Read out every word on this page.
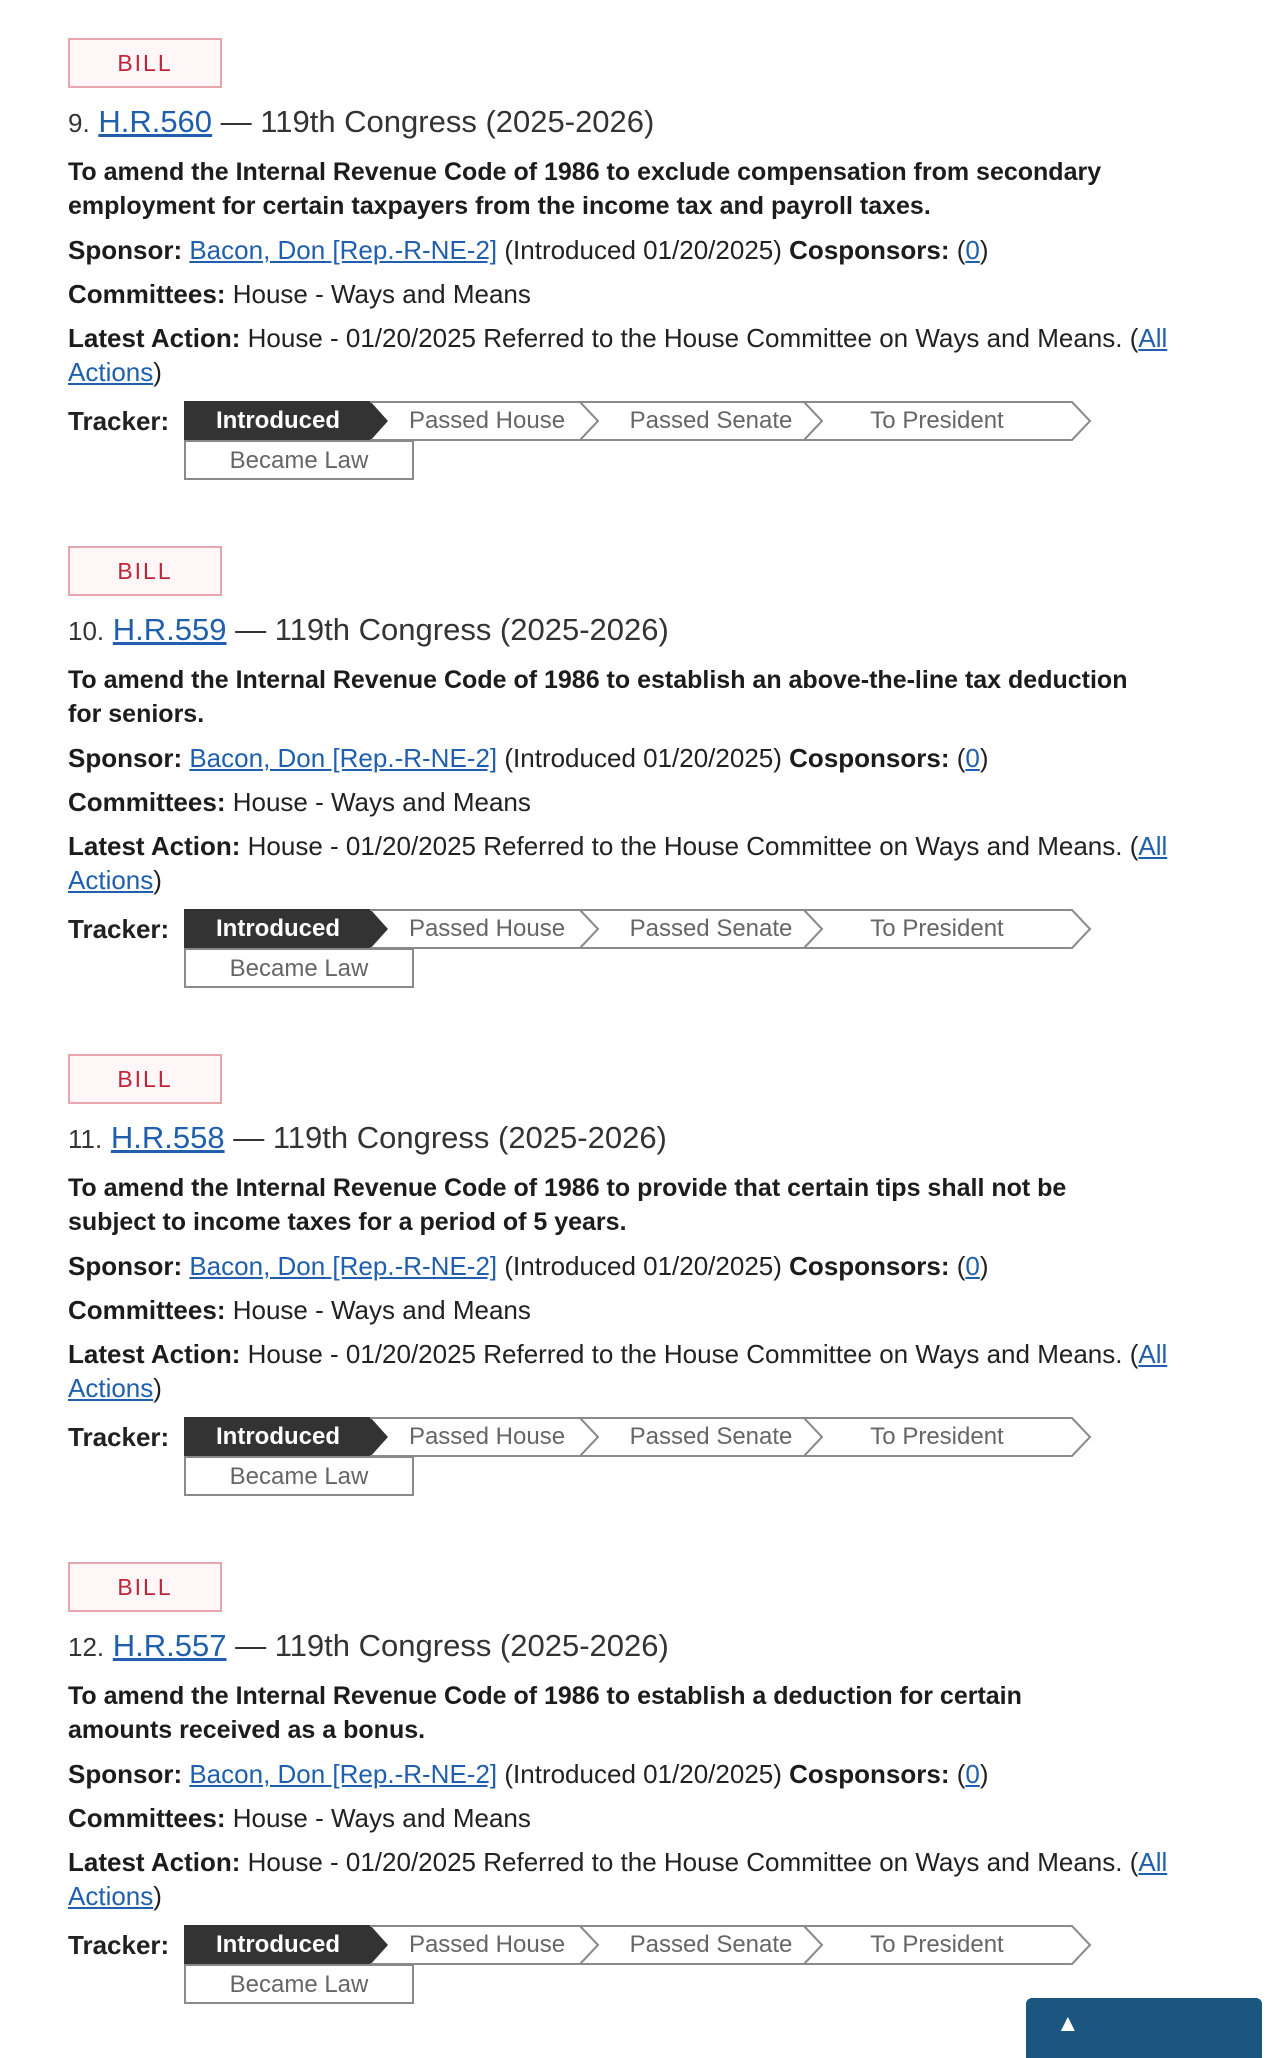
BILL
9. H.R.560 — 119th Congress (2025-2026)
To amend the Internal Revenue Code of 1986 to exclude compensation from secondary
employment for certain taxpayers from the income tax and payroll taxes.
Sponsor: Bacon, Don [Rep.-R-NE-2] (Introduced 01/20/2025) Cosponsors: (0)
Committees: House - Ways and Means
Latest Action: House - 01/20/2025 Referred to the House Committee on Ways and Means. (All
Actions)
Tracker:	Introduced	Passed House	Passed Senate	To President
Became Law
BILL
10. H.R.559 — 119th Congress (2025-2026)
To amend the Internal Revenue Code of 1986 to establish an above-the-line tax deduction
for seniors.
Sponsor: Bacon, Don [Rep.-R-NE-2] (Introduced 01/20/2025) Cosponsors: (0)
Committees: House - Ways and Means
Latest Action: House - 01/20/2025 Referred to the House Committee on Ways and Means. (All
Actions)
Tracker:	Introduced	Passed House	Passed Senate	To President
Became Law
BILL
11. H.R.558 — 119th Congress (2025-2026)
To amend the Internal Revenue Code of 1986 to provide that certain tips shall not be
subject to income taxes for a period of 5 years.
Sponsor: Bacon, Don [Rep.-R-NE-2] (Introduced 01/20/2025) Cosponsors: (0)
Committees: House - Ways and Means
Latest Action: House - 01/20/2025 Referred to the House Committee on Ways and Means. (All
Actions)
Tracker:	Introduced	Passed House	Passed Senate	To President
Became Law
BILL
12. H.R.557 — 119th Congress (2025-2026)
To amend the Internal Revenue Code of 1986 to establish a deduction for certain
amounts received as a bonus.
Sponsor: Bacon, Don [Rep.-R-NE-2] (Introduced 01/20/2025) Cosponsors: (0)
Committees: House - Ways and Means
Latest Action: House - 01/20/2025 Referred to the House Committee on Ways and Means. (All
Actions)
Tracker:	Introduced	Passed House	Passed Senate	To President
Became Law
▲
